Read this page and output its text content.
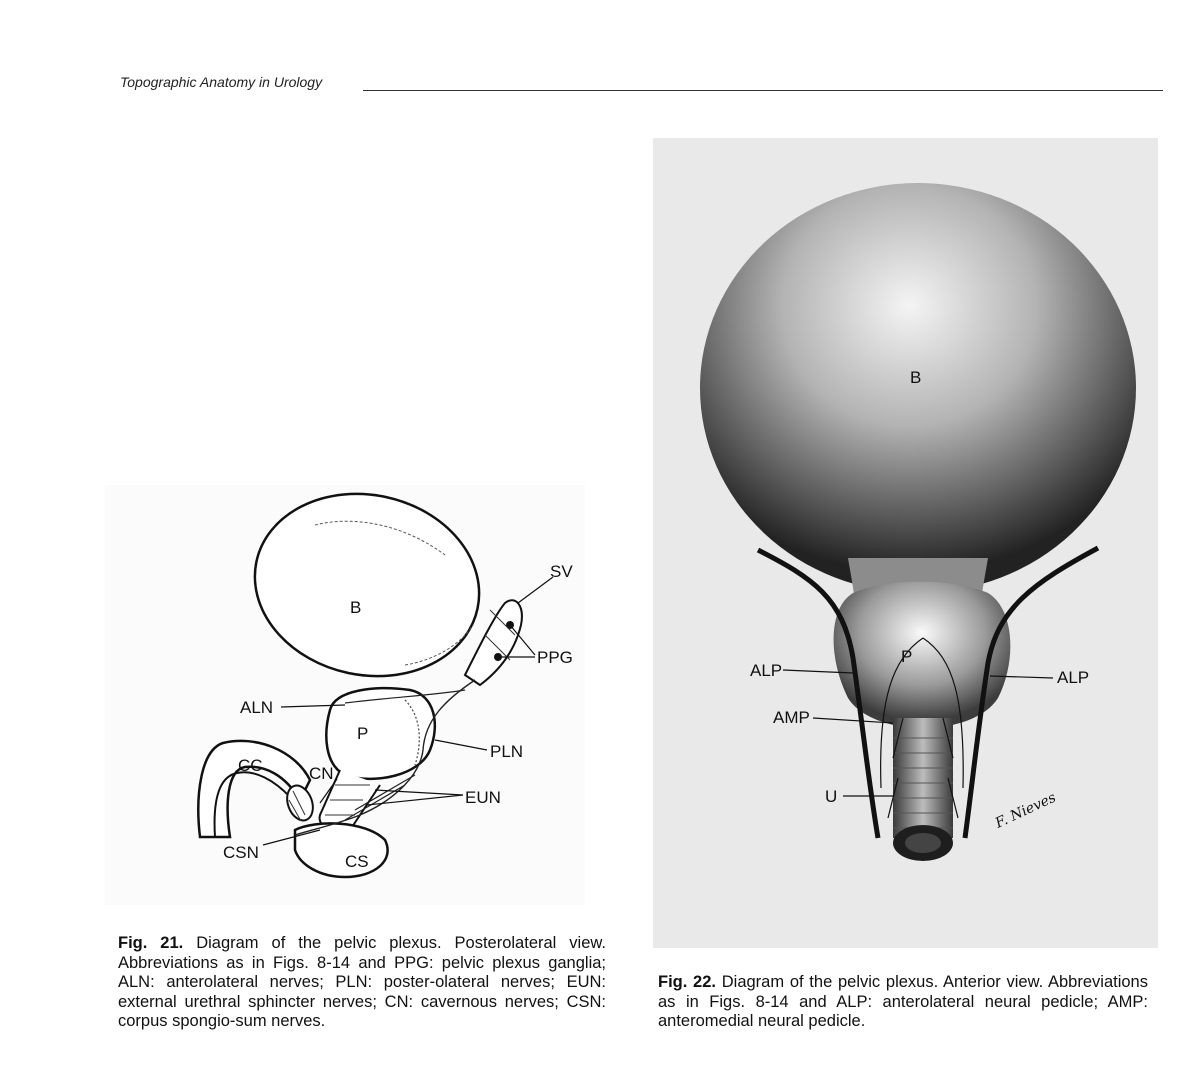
Topographic Anatomy in Urology
B
SV
PPG
ALN
P
PLN
CC	CN
EUN
CSN	CS
Fig. 21. Diagram of the pelvic plexus. Posterolateral view. Abbreviations as in Figs. 8-14 and PPG: pelvic plexus ganglia; ALN: anterolateral nerves; PLN: poster-olateral nerves; EUN: external urethral sphincter nerves; CN: cavernous nerves; CSN: corpus spongio-sum nerves.
B
P
ALP	ALP
AMP
U	F. Nieves
Fig. 22. Diagram of the pelvic plexus. Anterior view. Abbreviations as in Figs. 8-14 and ALP: anterolateral neural pedicle; AMP: anteromedial neural pedicle.
